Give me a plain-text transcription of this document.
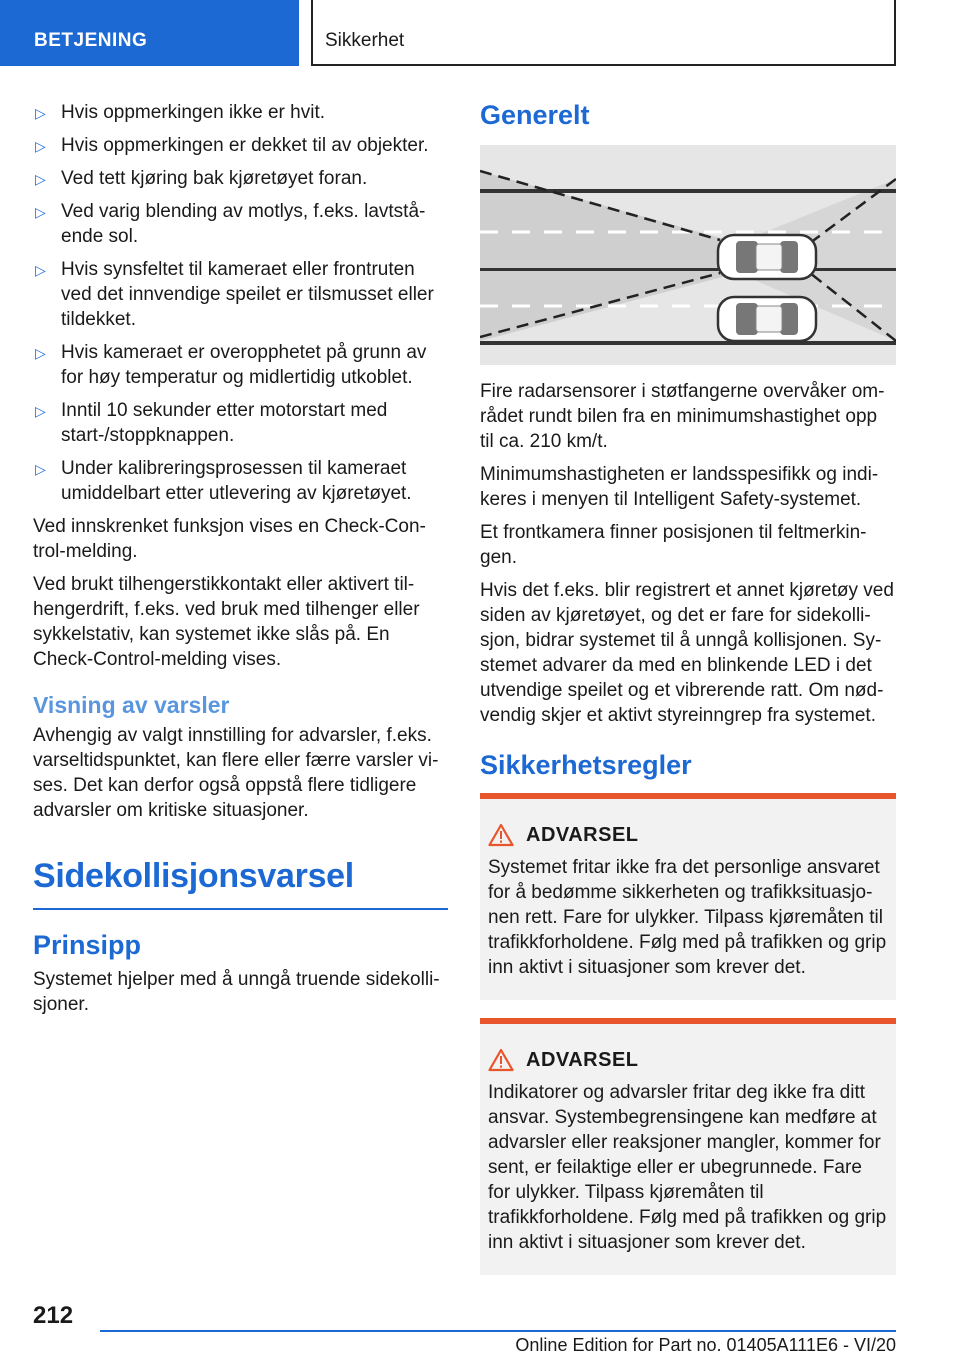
BETJENING	Sikkerhet
▷ Hvis oppmerkingen ikke er hvit.
▷ Hvis oppmerkingen er dekket til av objekter.
▷ Ved tett kjøring bak kjøretøyet foran.
▷ Ved varig blending av motlys, f.eks. lavtstående sol.
▷ Hvis synsfeltet til kameraet eller frontruten ved det innvendige speilet er tilsmusset eller tildekket.
▷ Hvis kameraet er overopphetet på grunn av for høy temperatur og midlertidig utkoblet.
▷ Inntil 10 sekunder etter motorstart med start-/stoppknappen.
▷ Under kalibreringsprosessen til kameraet umiddelbart etter utlevering av kjøretøyet.

Ved innskrenket funksjon vises en Check-Control-melding.

Ved brukt tilhengerstikkontakt eller aktivert tilhengerdrift, f.eks. ved bruk med tilhenger eller sykkelstativ, kan systemet ikke slås på. En Check-Control-melding vises.

Visning av varsler

Avhengig av valgt innstilling for advarsler, f.eks. varseltidspunktet, kan flere eller færre varsler vises. Det kan derfor også oppstå flere tidligere advarsler om kritiske situasjoner.

Sidekollisjonsvarsel
Prinsipp

Systemet hjelper med å unngå truende sidekollisjoner.

Generelt

Fire radarsensorer i støtfangerne overvåker området rundt bilen fra en minimumshastighet opp til ca. 210 km/t.

Minimumshastigheten er landsspesifikk og indikeres i menyen til Intelligent Safety-systemet.

Et frontkamera finner posisjonen til feltmerkingen.

Hvis det f.eks. blir registrert et annet kjøretøy ved siden av kjøretøyet, og det er fare for sidekollisjon, bidrar systemet til å unngå kollisjonen. Systemet advarer da med en blinkende LED i det utvendige speilet og et vibrerende ratt. Om nødvendig skjer et aktivt styreinngrep fra systemet.

Sikkerhetsregler
ADVARSEL

Systemet fritar ikke fra det personlige ansvaret for å bedømme sikkerheten og trafikksituasjonen rett. Fare for ulykker. Tilpass kjøremåten til trafikkforholdene. Følg med på trafikken og grip inn aktivt i situasjoner som krever det.

ADVARSEL

Indikatorer og advarsler fritar deg ikke fra ditt ansvar. Systembegrensingene kan medføre at advarsler eller reaksjoner mangler, kommer for sent, er feilaktige eller er ubegrunnede. Fare for ulykker. Tilpass kjøremåten til trafikkforholdene. Følg med på trafikken og grip inn aktivt i situasjoner som krever det.

212
Online Edition for Part no. 01405A111E6 - VI/20
